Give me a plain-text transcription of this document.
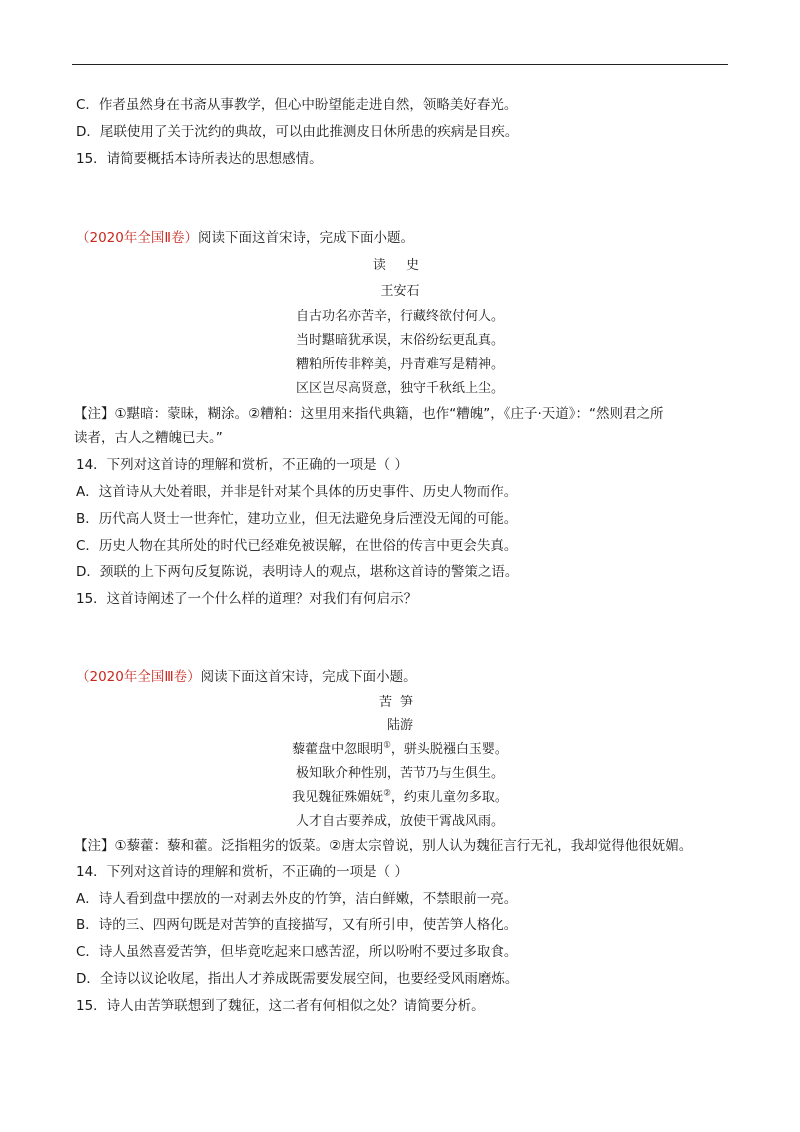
C．作者虽然身在书斋从事教学，但心中盼望能走进自然，领略美好春光。
D．尾联使用了关于沈约的典故，可以由此推测皮日休所患的疾病是目疾。
15．请简要概括本诗所表达的思想感情。
（2020年全国Ⅱ卷）阅读下面这首宋诗，完成下面小题。
读 史
王安石
自古功名亦苦辛，行藏终欲付何人。
当时黮暗犹承误，末俗纷纭更乱真。
糟粕所传非粹美，丹青难写是精神。
区区岂尽高贤意，独守千秋纸上尘。
【注】①黮暗：蒙昧，糊涂。②糟粕：这里用来指代典籍，也作“糟魄”，《庄子·天道》：“然则君之所
读者，古人之糟魄已夫。”
14．下列对这首诗的理解和赏析，不正确的一项是（ ）
A．这首诗从大处着眼，并非是针对某个具体的历史事件、历史人物而作。
B．历代高人贤士一世奔忙，建功立业，但无法避免身后湮没无闻的可能。
C．历史人物在其所处的时代已经难免被误解，在世俗的传言中更会失真。
D．颈联的上下两句反复陈说，表明诗人的观点，堪称这首诗的警策之语。
15．这首诗阐述了一个什么样的道理？对我们有何启示？
（2020年全国Ⅲ卷）阅读下面这首宋诗，完成下面小题。
苦笋
陆游
藜藿盘中忽眼明①，骈头脱襁白玉婴。
极知耿介种性别，苦节乃与生俱生。
我见魏征殊媚妩②，约束儿童勿多取。
人才自古要养成，放使干霄战风雨。
【注】①藜藿：藜和藿。泛指粗劣的饭菜。②唐太宗曾说，别人认为魏征言行无礼，我却觉得他很妩媚。
14．下列对这首诗的理解和赏析，不正确的一项是（ ）
A．诗人看到盘中摆放的一对剥去外皮的竹笋，洁白鲜嫩，不禁眼前一亮。
B．诗的三、四两句既是对苦笋的直接描写，又有所引申，使苦笋人格化。
C．诗人虽然喜爱苦笋，但毕竟吃起来口感苦涩，所以吩咐不要过多取食。
D．全诗以议论收尾，指出人才养成既需要发展空间，也要经受风雨磨炼。
15．诗人由苦笋联想到了魏征，这二者有何相似之处？请简要分析。
